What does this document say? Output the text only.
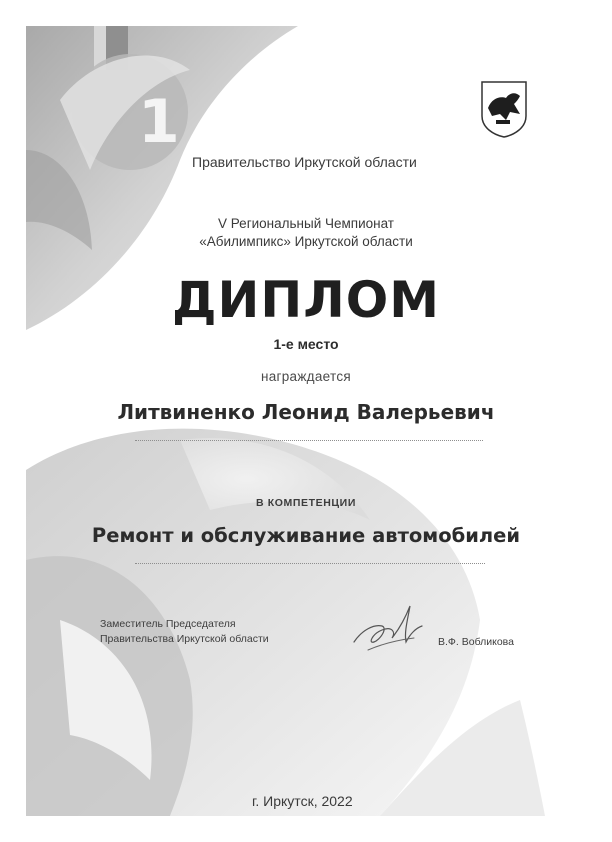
1
Правительство Иркутской области
V Региональный Чемпионат
«Абилимпикс» Иркутской области
ДИПЛОМ
1-е место
награждается
Литвиненко Леонид Валерьевич
В КОМПЕТЕНЦИИ
Ремонт и обслуживание автомобилей
Заместитель Председателя
Правительства Иркутской области	В.Ф. Вобликова
г. Иркутск, 2022
